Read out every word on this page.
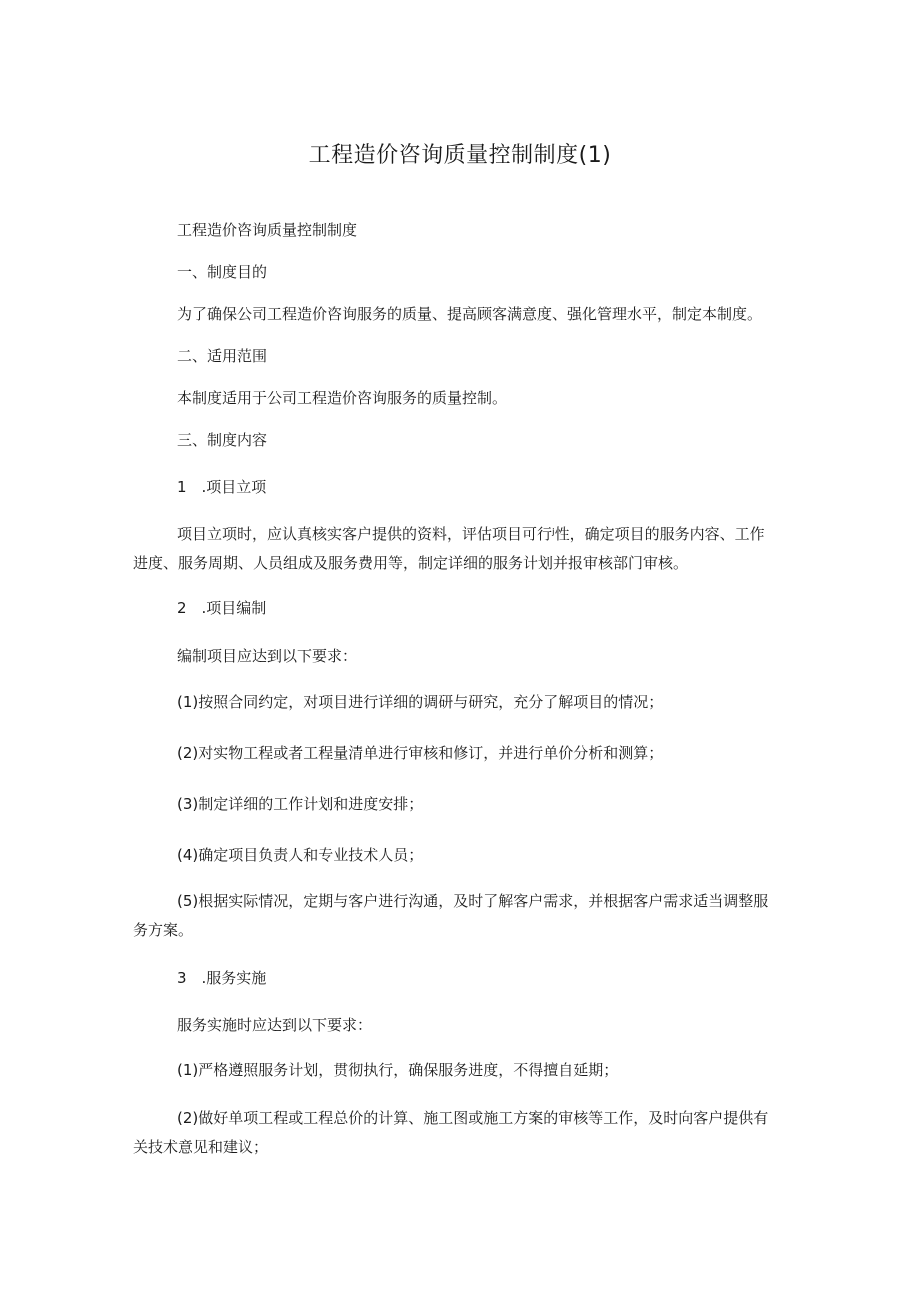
工程造价咨询质量控制制度(1)
工程造价咨询质量控制制度
一、制度目的
为了确保公司工程造价咨询服务的质量、提高顾客满意度、强化管理水平，制定本制度。
二、适用范围
本制度适用于公司工程造价咨询服务的质量控制。
三、制度内容
1　.项目立项
项目立项时，应认真核实客户提供的资料，评估项目可行ʲ性，确定项目的服务内容、工作
进度、服务周期、人员组成及服务费用等，制定详细的服务计划并报审核部门审核。
2　.项目编制
编制项目应达到以下要求：
(1)按照合同约定，对项目进行详细的调研与研究，充分了解项目的情况；
(2)对实物工程或者工程量清单进行审核和修订，并进行单价分析和测算；
(3)制定详细的工作计划和进度安排；
(4)确定项目负责人和专业技术人员；
(5)根据实际情况，定期与客户进行沟通，及时了解客户需求，并根据客户需求适当调整服
务方案。
3　.服务实施
服务实施时应达到以下要求：
(1)严格遵照服务计划，贯彻执行，确保服务进度，不得擅自延期；
(2)做好单项工程或工程总价的计算、施工图或施工方案的审核等工作，及时向客户提供有
关技术意见和建议；
